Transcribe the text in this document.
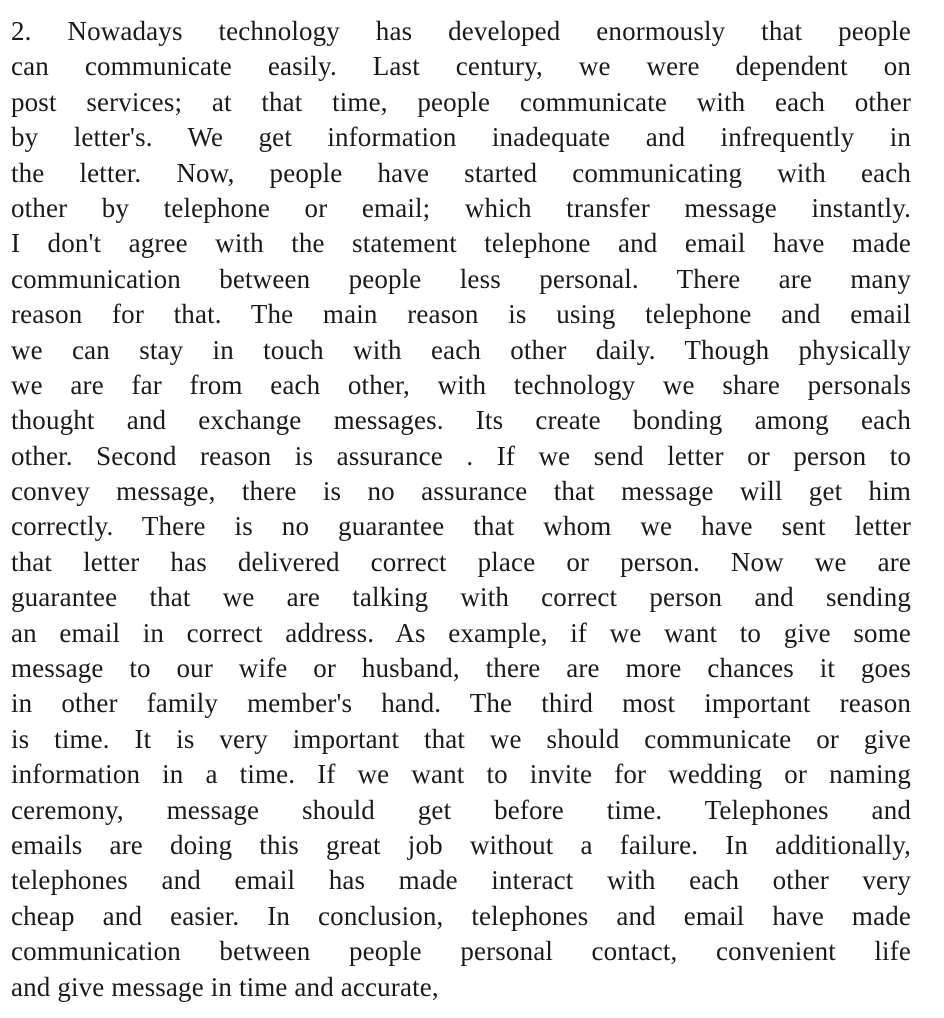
2. Nowadays technology has developed enormously that people
can communicate easily. Last century, we were dependent on
post services; at that time, people communicate with each other
by letter's. We get information inadequate and infrequently in
the letter. Now, people have started communicating with each
other by telephone or email; which transfer message instantly.
I don't agree with the statement telephone and email have made
communication between people less personal. There are many
reason for that. The main reason is using telephone and email
we can stay in touch with each other daily. Though physically
we are far from each other, with technology we share personals
thought and exchange messages. Its create bonding among each
other. Second reason is assurance . If we send letter or person to
convey message, there is no assurance that message will get him
correctly. There is no guarantee that whom we have sent letter
that letter has delivered correct place or person. Now we are
guarantee that we are talking with correct person and sending
an email in correct address. As example, if we want to give some
message to our wife or husband, there are more chances it goes
in other family member's hand. The third most important reason
is time. It is very important that we should communicate or give
information in a time. If we want to invite for wedding or naming
ceremony, message should get before time. Telephones and
emails are doing this great job without a failure. In additionally,
telephones and email has made interact with each other very
cheap and easier. In conclusion, telephones and email have made
communication between people personal contact, convenient life
and give message in time and accurate,
